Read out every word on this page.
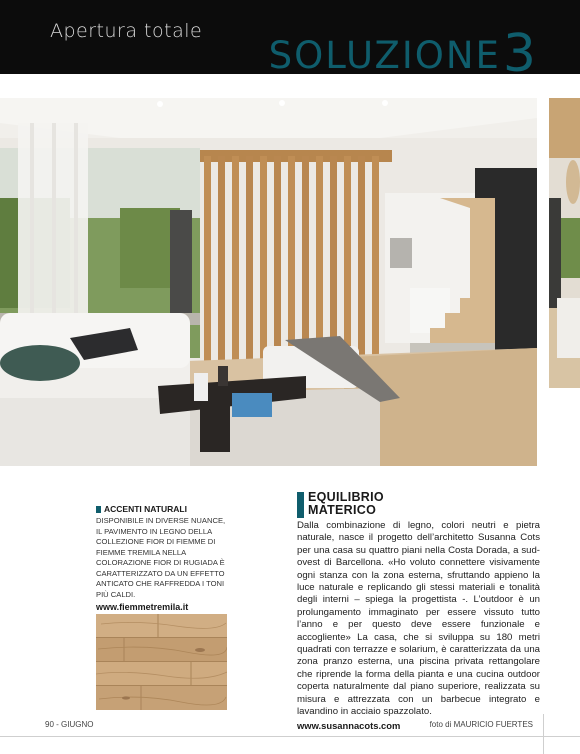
Apertura totale
SOLUZIONE 3
ACCENTI NATURALI
DISPONIBILE IN DIVERSE NUANCE, IL PAVIMENTO IN LEGNO DELLA COLLEZIONE FIOR DI FIEMME DI FIEMME TREMILA NELLA COLORAZIONE FIOR DI RUGIADA È CARATTERIZZATO DA UN EFFETTO ANTICATO CHE RAFFREDDA I TONI PIÙ CALDI.
www.fiemmetremila.it
EQUILIBRIO
MATERICO
Dalla combinazione di legno, colori neutri e pietra naturale, nasce il progetto dell’architetto Susanna Cots per una casa su quattro piani nella Costa Dorada, a sud-ovest di Barcellona. «Ho voluto connettere visivamente ogni stanza con la zona esterna, sfruttando appieno la luce naturale e replicando gli stessi materiali e tonalità degli interni – spiega la progettista -. L’outdoor è un prolungamento immaginato per essere vissuto tutto l’anno e per questo deve essere funzionale e accogliente» La casa, che si sviluppa su 180 metri quadrati con terrazze e solarium, è caratterizzata da una zona pranzo esterna, una piscina privata rettangolare che riprende la forma della pianta e una cucina outdoor coperta naturalmente dal piano superiore, realizzata su misura e attrezzata con un barbecue integrato e lavandino in acciaio spazzolato.
www.susannacots.com
90 - GIUGNO	foto di MAURICIO FUERTES
